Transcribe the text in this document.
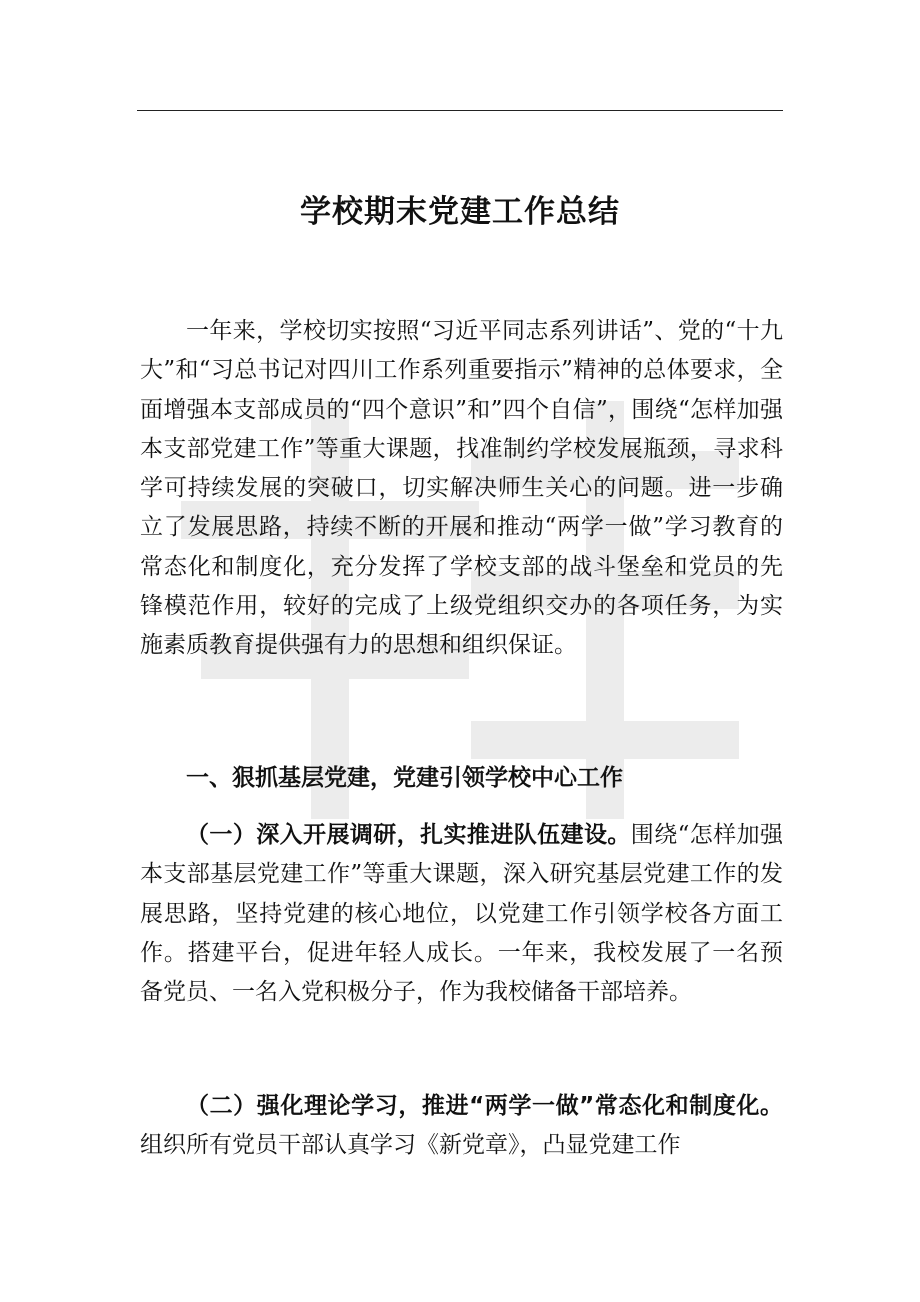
学校期末党建工作总结

一年来，学校切实按照“习近平同志系列讲话”、党的“十九大”和“习总书记对四川工作系列重要指示”精神的总体要求，全面增强本支部成员的“四个意识”和”四个自信”，围绕“怎样加强本支部党建工作”等重大课题，找准制约学校发展瓶颈，寻求科学可持续发展的突破口，切实解决师生关心的问题。进一步确立了发展思路，持续不断的开展和推动“两学一做”学习教育的常态化和制度化，充分发挥了学校支部的战斗堡垒和党员的先锋模范作用，较好的完成了上级党组织交办的各项任务，为实施素质教育提供强有力的思想和组织保证。

一、狠抓基层党建，党建引领学校中心工作

（一）深入开展调研，扎实推进队伍建设。围绕“怎样加强本支部基层党建工作”等重大课题，深入研究基层党建工作的发展思路，坚持党建的核心地位，以党建工作引领学校各方面工作。搭建平台，促进年轻人成长。一年来，我校发展了一名预备党员、一名入党积极分子，作为我校储备干部培养。

（二）强化理论学习，推进“两学一做”常态化和制度化。组织所有党员干部认真学习《新党章》，凸显党建工作
